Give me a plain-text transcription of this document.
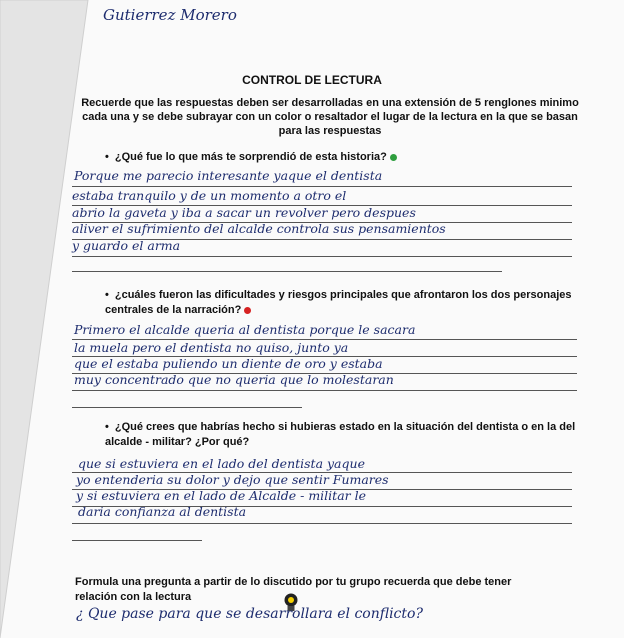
Gutierrez Morero
CONTROL DE LECTURA
Recuerde que las respuestas deben ser desarrolladas en una extensión de 5 renglones minimo cada una y se debe subrayar con un color o resaltador el lugar de la lectura en la que se basan para las respuestas
• ¿Qué fue lo que más te sorprendió de esta historia?
Porque me parecio interesante yaque el dentista
estaba tranquilo y de un momento a otro el
abrio la gaveta y iba a sacar un revolver pero despues
aliver el sufrimiento del alcalde controla sus pensamientos
y guardo el arma
• ¿cuáles fueron las dificultades y riesgos principales que afrontaron los dos personajes centrales de la narración?
Primero el alcalde queria al dentista porque le sacara
la muela pero el dentista no quiso, junto ya
que el estaba puliendo un diente de oro y estaba
muy concentrado que no queria que lo molestaran
• ¿Qué crees que habrías hecho si hubieras estado en la situación del dentista o en la del alcalde - militar? ¿Por qué?
que si estuviera en el lado del dentista yaque
yo entenderia su dolor y dejo que sentir Fumares
y si estuviera en el lado de Alcalde - militar le
daria confianza al dentista
Formula una pregunta a partir de lo discutido por tu grupo recuerda que debe tener relación con la lectura
¿ Que pase para que se desarrollara el conflicto?
